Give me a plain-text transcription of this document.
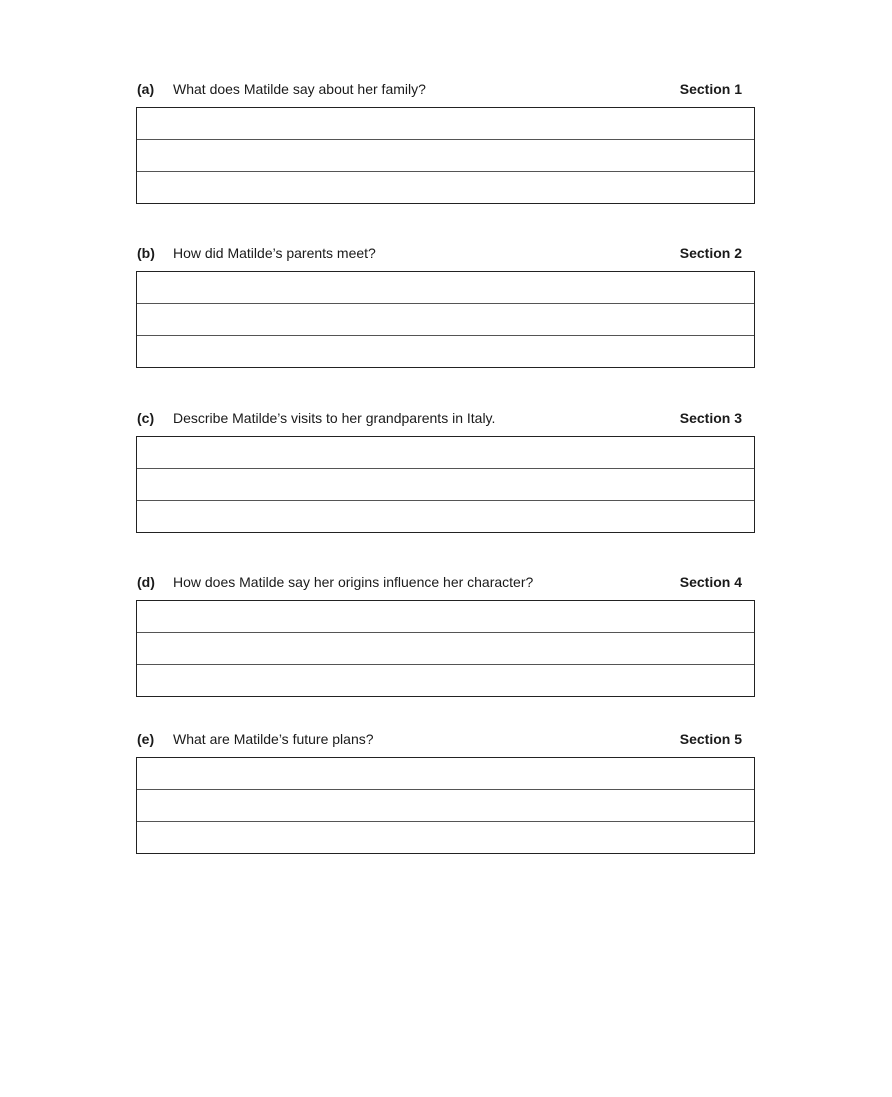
(a) What does Matilde say about her family?	Section 1
(b) How did Matilde’s parents meet?	Section 2
(c) Describe Matilde’s visits to her grandparents in Italy.	Section 3
(d) How does Matilde say her origins influence her character?	Section 4
(e) What are Matilde’s future plans?	Section 5
